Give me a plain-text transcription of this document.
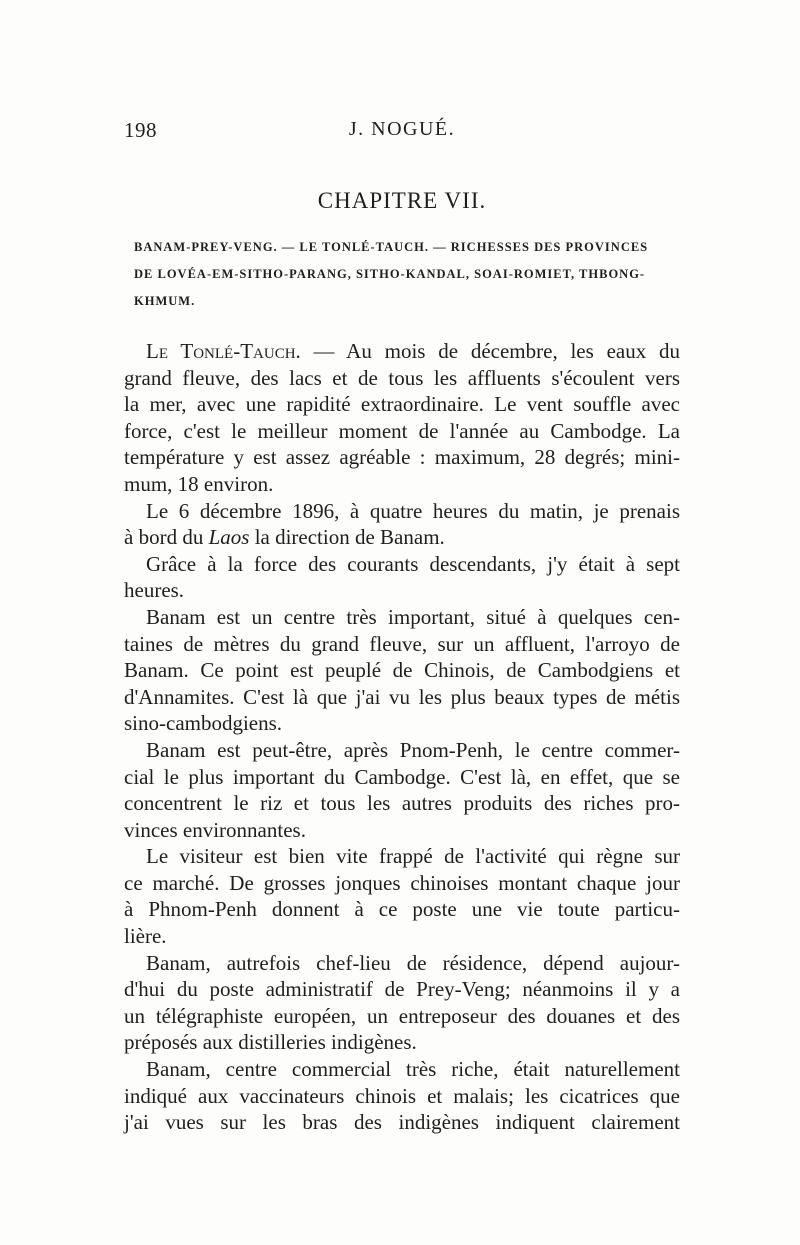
198	J. NOGUÉ.
CHAPITRE VII.
BANAM-PREY-VENG. — LE TONLÉ-TAUCH. — RICHESSES DES PROVINCES
DE LOVÉA-EM-SITHO-PARANG, SITHO-KANDAL, SOAI-ROMIET, THBONG-
KHMUM.
Le Tonlé-Tauch. — Au mois de décembre, les eaux du
grand fleuve, des lacs et de tous les affluents s'écoulent vers
la mer, avec une rapidité extraordinaire. Le vent souffle avec
force, c'est le meilleur moment de l'année au Cambodge. La
température y est assez agréable : maximum, 28 degrés; mini-
mum, 18 environ.
Le 6 décembre 1896, à quatre heures du matin, je prenais
à bord du Laos la direction de Banam.
Grâce à la force des courants descendants, j'y était à sept
heures.
Banam est un centre très important, situé à quelques cen-
taines de mètres du grand fleuve, sur un affluent, l'arroyo de
Banam. Ce point est peuplé de Chinois, de Cambodgiens et
d'Annamites. C'est là que j'ai vu les plus beaux types de métis
sino-cambodgiens.
Banam est peut-être, après Pnom-Penh, le centre commer-
cial le plus important du Cambodge. C'est là, en effet, que se
concentrent le riz et tous les autres produits des riches pro-
vinces environnantes.
Le visiteur est bien vite frappé de l'activité qui règne sur
ce marché. De grosses jonques chinoises montant chaque jour
à Phnom-Penh donnent à ce poste une vie toute particu-
lière.
Banam, autrefois chef-lieu de résidence, dépend aujour-
d'hui du poste administratif de Prey-Veng; néanmoins il y a
un télégraphiste européen, un entreposeur des douanes et des
préposés aux distilleries indigènes.
Banam, centre commercial très riche, était naturellement
indiqué aux vaccinateurs chinois et malais; les cicatrices que
j'ai vues sur les bras des indigènes indiquent clairement
